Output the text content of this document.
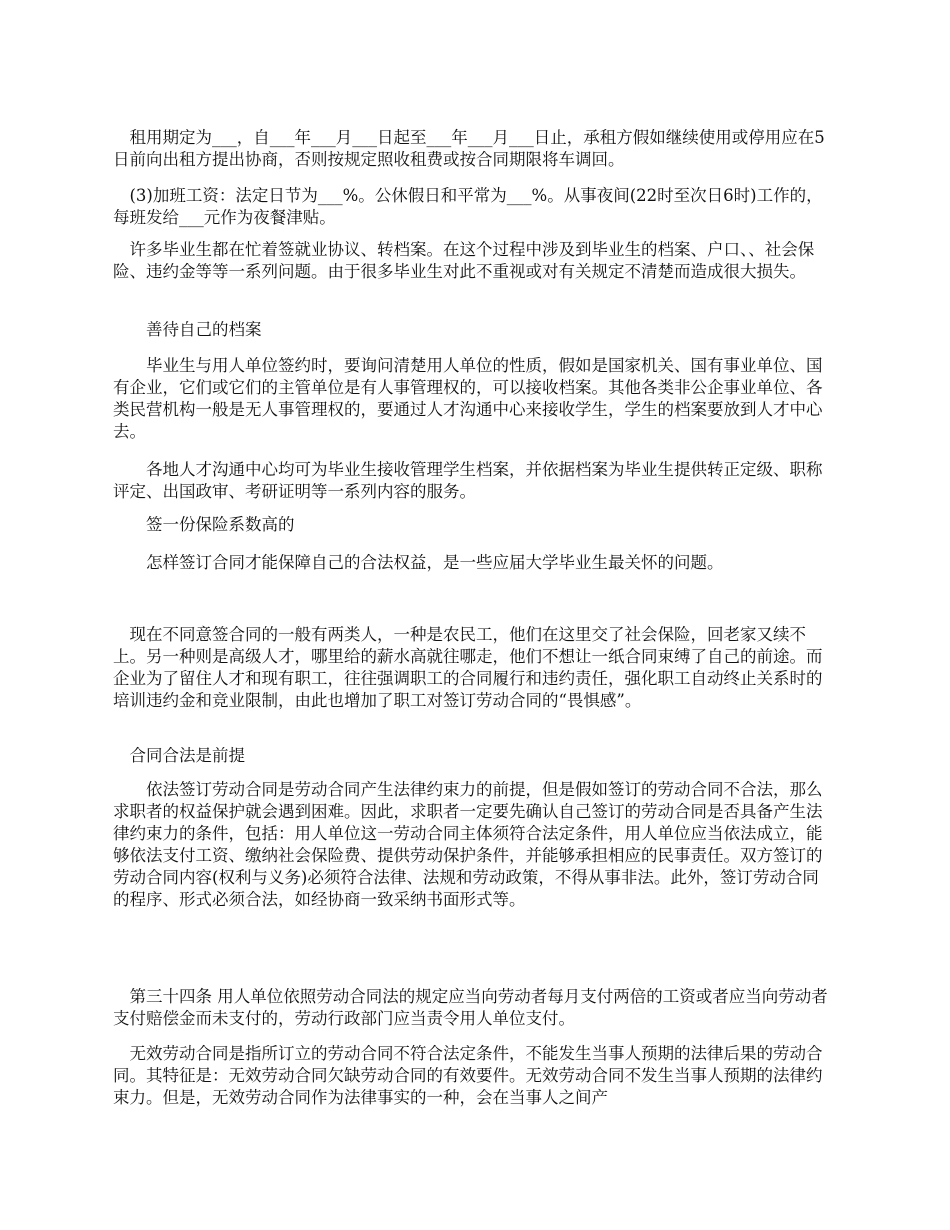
　租用期定为___，自___年___月___日起至___年___月___日止，承租方假如继续使用或停用应在5日前向出租方提出协商，否则按规定照收租费或按合同期限将车调回。

　(3)加班工资：法定日节为___%。公休假日和平常为___%。从事夜间(22时至次日6时)工作的，每班发给___元作为夜餐津贴。

　许多毕业生都在忙着签就业协议、转档案。在这个过程中涉及到毕业生的档案、户口、、社会保险、违约金等等一系列问题。由于很多毕业生对此不重视或对有关规定不清楚而造成很大损失。

　　善待自己的档案

　　毕业生与用人单位签约时，要询问清楚用人单位的性质，假如是国家机关、国有事业单位、国有企业，它们或它们的主管单位是有人事管理权的，可以接收档案。其他各类非公企事业单位、各类民营机构一般是无人事管理权的，要通过人才沟通中心来接收学生，学生的档案要放到人才中心去。

　　各地人才沟通中心均可为毕业生接收管理学生档案，并依据档案为毕业生提供转正定级、职称评定、出国政审、考研证明等一系列内容的服务。

　　签一份保险系数高的

　　怎样签订合同才能保障自己的合法权益，是一些应届大学毕业生最关怀的问题。

　现在不同意签合同的一般有两类人，一种是农民工，他们在这里交了社会保险，回老家又续不上。另一种则是高级人才，哪里给的薪水高就往哪走，他们不想让一纸合同束缚了自己的前途。而企业为了留住人才和现有职工，往往强调职工的合同履行和违约责任，强化职工自动终止关系时的培训违约金和竞业限制，由此也增加了职工对签订劳动合同的“畏惧感”。

　合同合法是前提

　　依法签订劳动合同是劳动合同产生法律约束力的前提，但是假如签订的劳动合同不合法，那么求职者的权益保护就会遇到困难。因此，求职者一定要先确认自己签订的劳动合同是否具备产生法律约束力的条件，包括：用人单位这一劳动合同主体须符合法定条件，用人单位应当依法成立，能够依法支付工资、缴纳社会保险费、提供劳动保护条件，并能够承担相应的民事责任。双方签订的劳动合同内容(权利与义务)必须符合法律、法规和劳动政策，不得从事非法。此外，签订劳动合同的程序、形式必须合法，如经协商一致采纳书面形式等。

　第三十四条 用人单位依照劳动合同法的规定应当向劳动者每月支付两倍的工资或者应当向劳动者支付赔偿金而未支付的，劳动行政部门应当责令用人单位支付。

　无效劳动合同是指所订立的劳动合同不符合法定条件，不能发生当事人预期的法律后果的劳动合同。其特征是：无效劳动合同欠缺劳动合同的有效要件。无效劳动合同不发生当事人预期的法律约束力。但是，无效劳动合同作为法律事实的一种，会在当事人之间产
